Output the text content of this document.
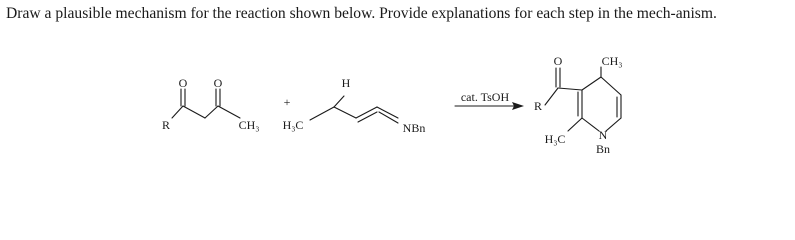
Draw a plausible mechanism for the reaction shown below. Provide explanations for each step in the mech-anism.
R	CH₃
O O
+
H₃C
H
NBn
cat. TsOH
O	CH₃
R
H₃C	N
Bn
